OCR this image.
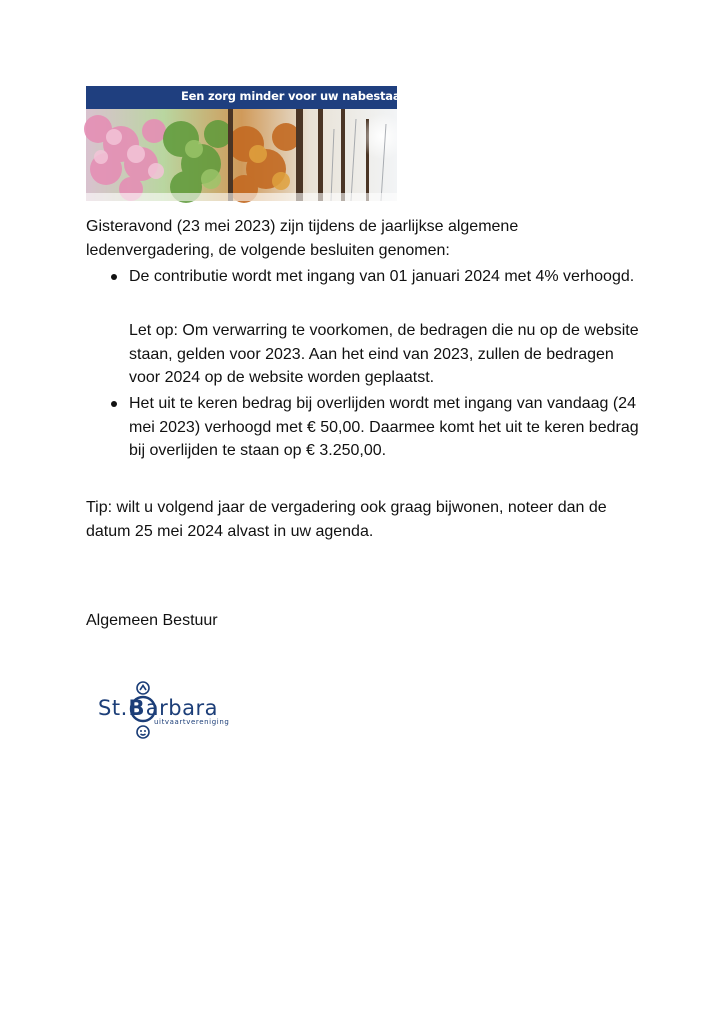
Een zorg minder voor uw nabestaanden
Gisteravond (23 mei 2023) zijn tijdens de jaarlijkse algemene ledenvergadering, de volgende besluiten genomen:
De contributie wordt met ingang van 01 januari 2024 met 4% verhoogd.
Let op: Om verwarring te voorkomen, de bedragen die nu op de website staan, gelden voor 2023. Aan het eind van 2023, zullen de bedragen voor 2024 op de website worden geplaatst.
Het uit te keren bedrag bij overlijden wordt met ingang van vandaag (24 mei 2023) verhoogd met € 50,00. Daarmee komt het uit te keren bedrag bij overlijden te staan op € 3.250,00.
Tip: wilt u volgend jaar de vergadering ook graag bijwonen, noteer dan de datum 25 mei 2024 alvast in uw agenda.
Algemeen Bestuur
St.Barbara
uitvaartvereniging
